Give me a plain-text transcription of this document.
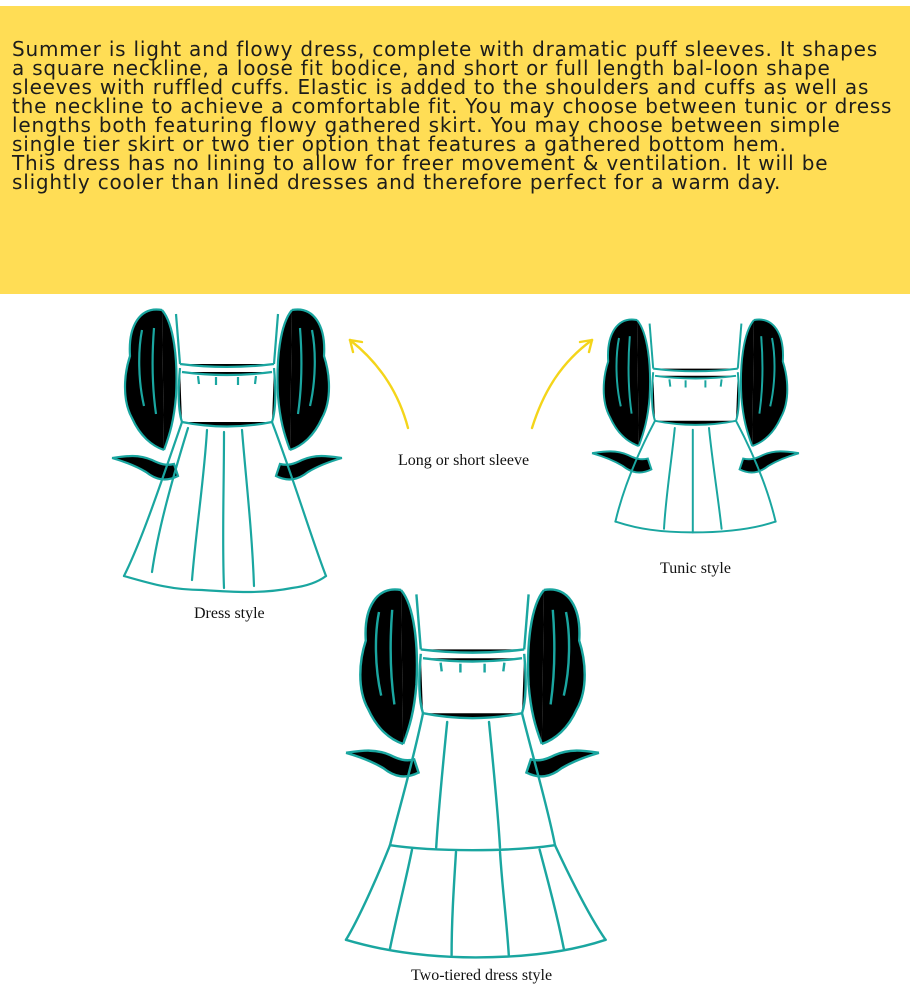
Summer is light and flowy dress, complete with dramatic puff sleeves. It shapes a square neckline, a loose fit bodice, and short or full length bal-loon shape sleeves with ruffled cuffs. Elastic is added to the shoulders and cuffs as well as the neckline to achieve a comfortable fit. You may choose between tunic or dress lengths both featuring flowy gathered skirt. You may choose between simple single tier skirt or two tier option that features a gathered bottom hem.

This dress has no lining to allow for freer movement & ventilation. It will be slightly cooler than lined dresses and therefore perfect for a warm day.

Long or short sleeve
Dress style
Tunic style
Two-tiered dress style
